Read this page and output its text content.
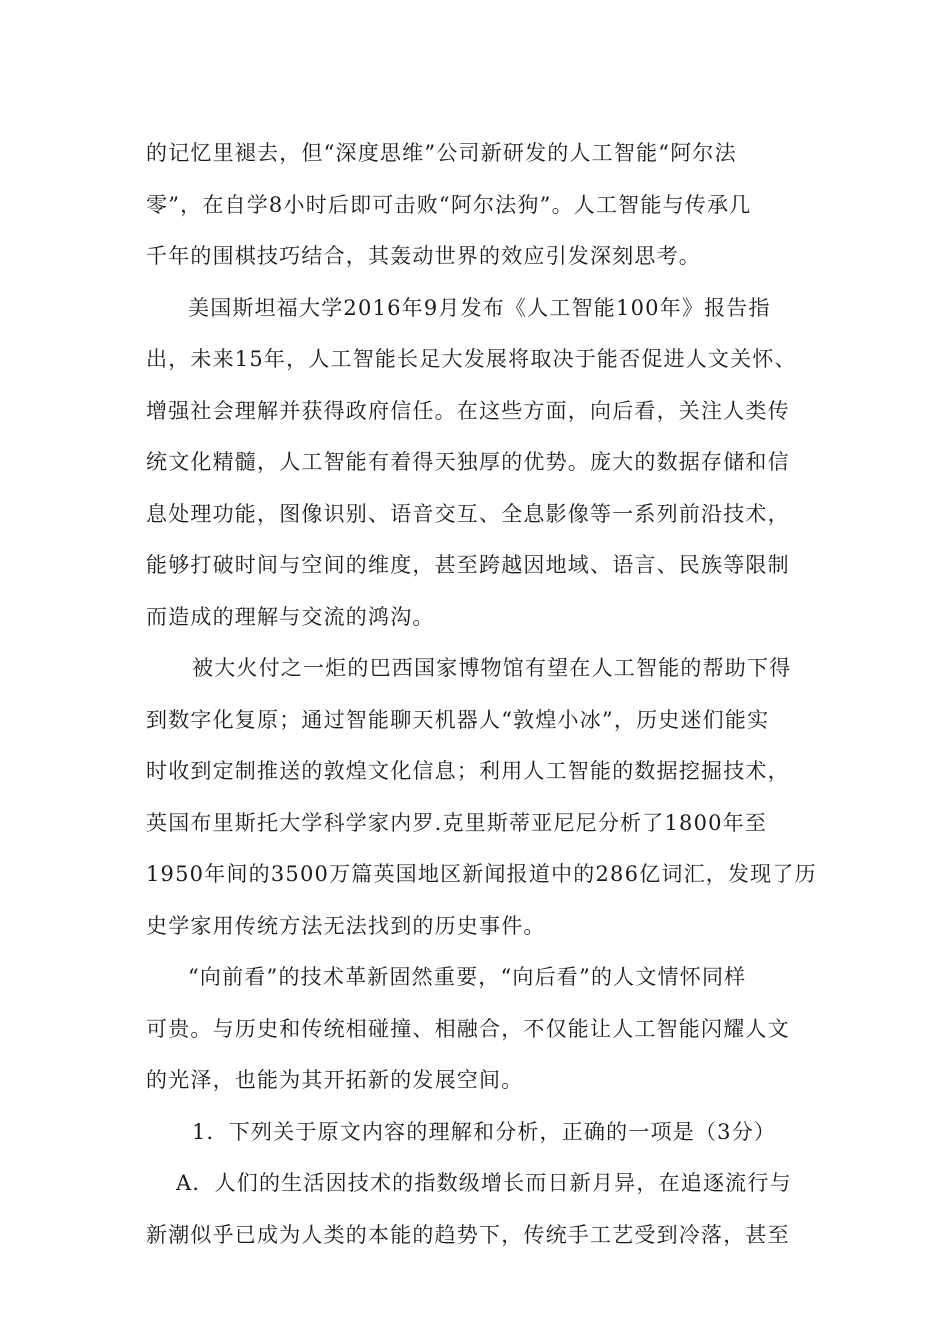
的记忆里褪去，但“深度思维”公司新研发的人工智能“阿尔法
零”，在自学8小时后即可击败“阿尔法狗”。人工智能与传承几
千年的围棋技巧结合，其轰动世界的效应引发深刻思考。
美国斯坦福大学2016年9月发布《人工智能100年》报告指
出，未来15年，人工智能长足大发展将取决于能否促进人文关怀、
增强社会理解并获得政府信任。在这些方面，向后看，关注人类传
统文化精髓，人工智能有着得天独厚的优势。庞大的数据存储和信
息处理功能，图像识别、语音交互、全息影像等一系列前沿技术，
能够打破时间与空间的维度，甚至跨越因地域、语言、民族等限制
而造成的理解与交流的鸿沟。
被大火付之一炬的巴西国家博物馆有望在人工智能的帮助下得
到数字化复原；通过智能聊天机器人“敦煌小冰”，历史迷们能实
时收到定制推送的敦煌文化信息；利用人工智能的数据挖掘技术，
英国布里斯托大学科学家内罗.克里斯蒂亚尼尼分析了1800年至
1950年间的3500万篇英国地区新闻报道中的286亿词汇，发现了历
史学家用传统方法无法找到的历史事件。
“向前看”的技术革新固然重要，“向后看”的人文情怀同样
可贵。与历史和传统相碰撞、相融合，不仅能让人工智能闪耀人文
的光泽，也能为其开拓新的发展空间。
1．下列关于原文内容的理解和分析，正确的一项是（3分）
A．人们的生活因技术的指数级增长而日新月异，在追逐流行与
新潮似乎已成为人类的本能的趋势下，传统手工艺受到冷落，甚至
